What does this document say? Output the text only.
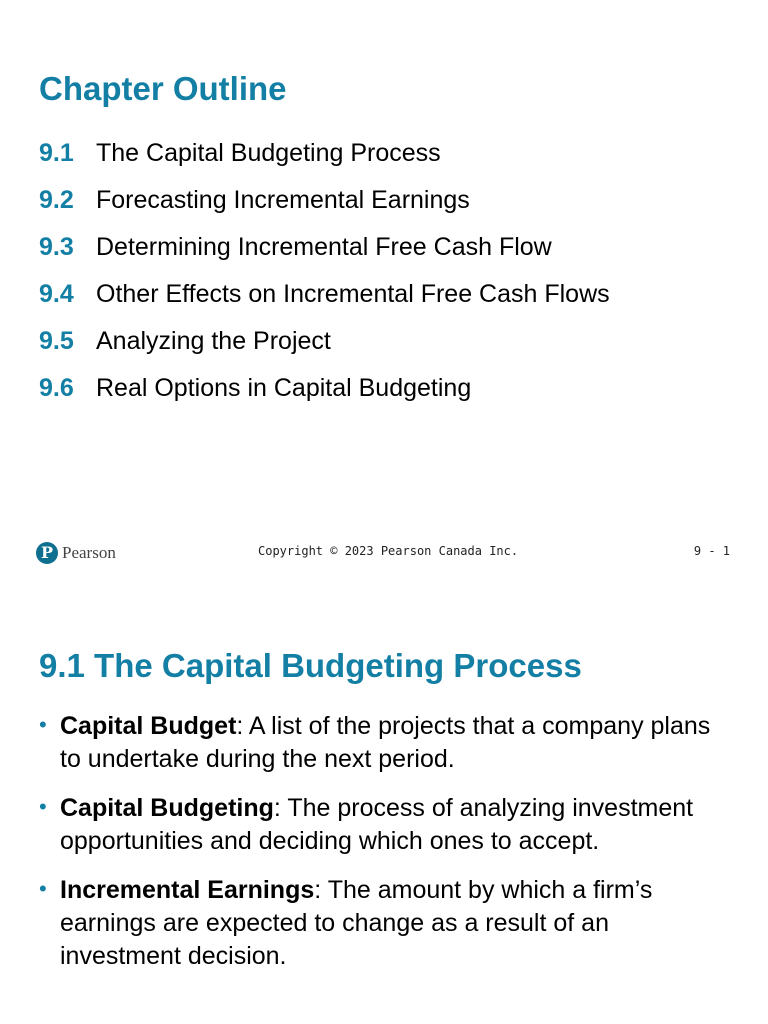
Chapter Outline
9.1 The Capital Budgeting Process
9.2 Forecasting Incremental Earnings
9.3 Determining Incremental Free Cash Flow
9.4 Other Effects on Incremental Free Cash Flows
9.5 Analyzing the Project
9.6 Real Options in Capital Budgeting
P Pearson	Copyright © 2023 Pearson Canada Inc.	9 - 1
9.1 The Capital Budgeting Process
• Capital Budget: A list of the projects that a company plans to undertake during the next period.
• Capital Budgeting: The process of analyzing investment opportunities and deciding which ones to accept.
• Incremental Earnings: The amount by which a firm’s earnings are expected to change as a result of an investment decision.
